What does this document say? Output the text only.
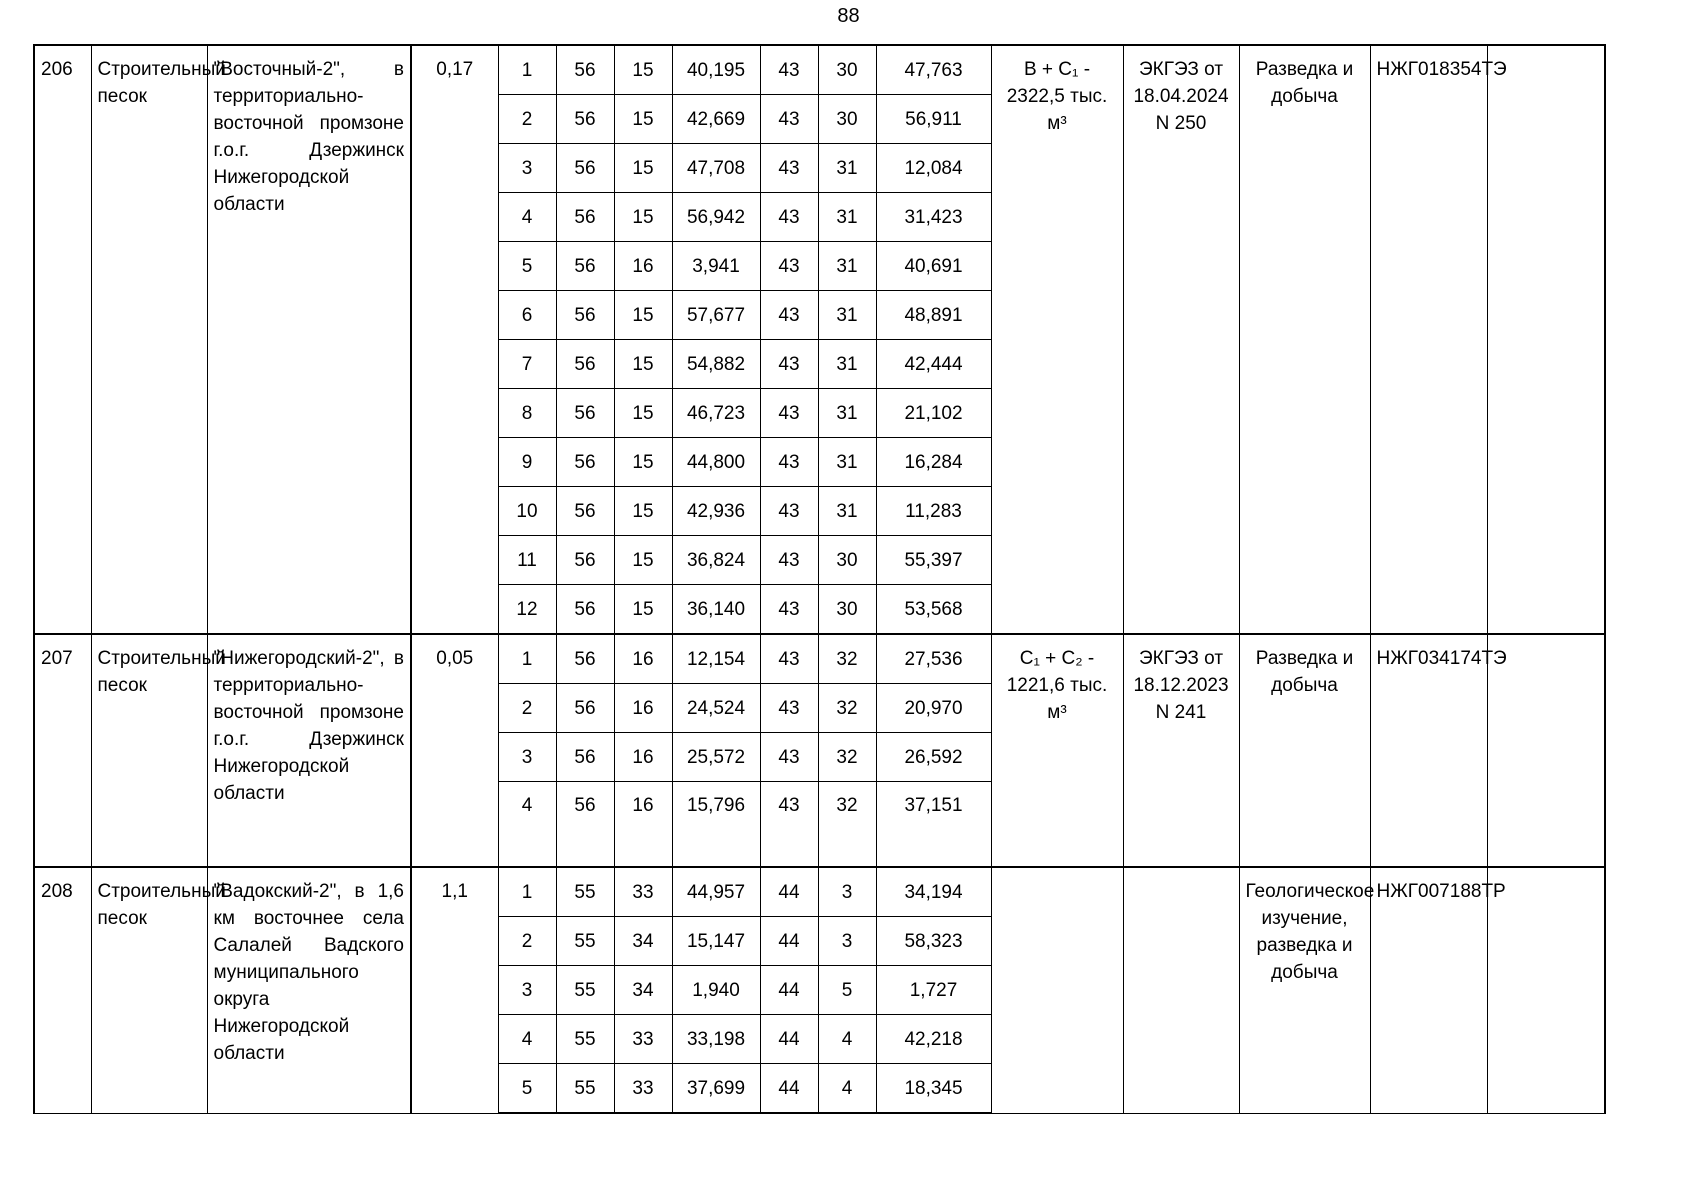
88
206	Строительный песок	"Восточный-2", в территориально-восточной промзоне г.о.г. Дзержинск Нижегородской области	0,17	1	56	15	40,195	43	30	47,763	B + C₁ - 2322,5 тыс. м³	ЭКГЭЗ от 18.04.2024 N 250	Разведка и добыча	НЖГ018354ТЭ	
				2	56	15	42,669	43	30	56,911					
				3	56	15	47,708	43	31	12,084					
				4	56	15	56,942	43	31	31,423					
				5	56	16	3,941	43	31	40,691					
				6	56	15	57,677	43	31	48,891					
				7	56	15	54,882	43	31	42,444					
				8	56	15	46,723	43	31	21,102					
				9	56	15	44,800	43	31	16,284					
				10	56	15	42,936	43	31	11,283					
				11	56	15	36,824	43	30	55,397					
				12	56	15	36,140	43	30	53,568					
207	Строительный песок	"Нижегородский-2", в территориально-восточной промзоне г.о.г. Дзержинск Нижегородской области	0,05	1	56	16	12,154	43	32	27,536	C₁ + C₂ - 1221,6 тыс. м³	ЭКГЭЗ от 18.12.2023 N 241	Разведка и добыча	НЖГ034174ТЭ	
				2	56	16	24,524	43	32	20,970					
				3	56	16	25,572	43	32	26,592					
				4	56	16	15,796	43	32	37,151					
208	Строительный песок	"Вадокский-2", в 1,6 км восточнее села Салалей Вадского муниципального округа Нижегородской области	1,1	1	55	33	44,957	44	3	34,194			Геологическое изучение, разведка и добыча	НЖГ007188ТР	
				2	55	34	15,147	44	3	58,323					
				3	55	34	1,940	44	5	1,727					
				4	55	33	33,198	44	4	42,218					
				5	55	33	37,699	44	4	18,345					
